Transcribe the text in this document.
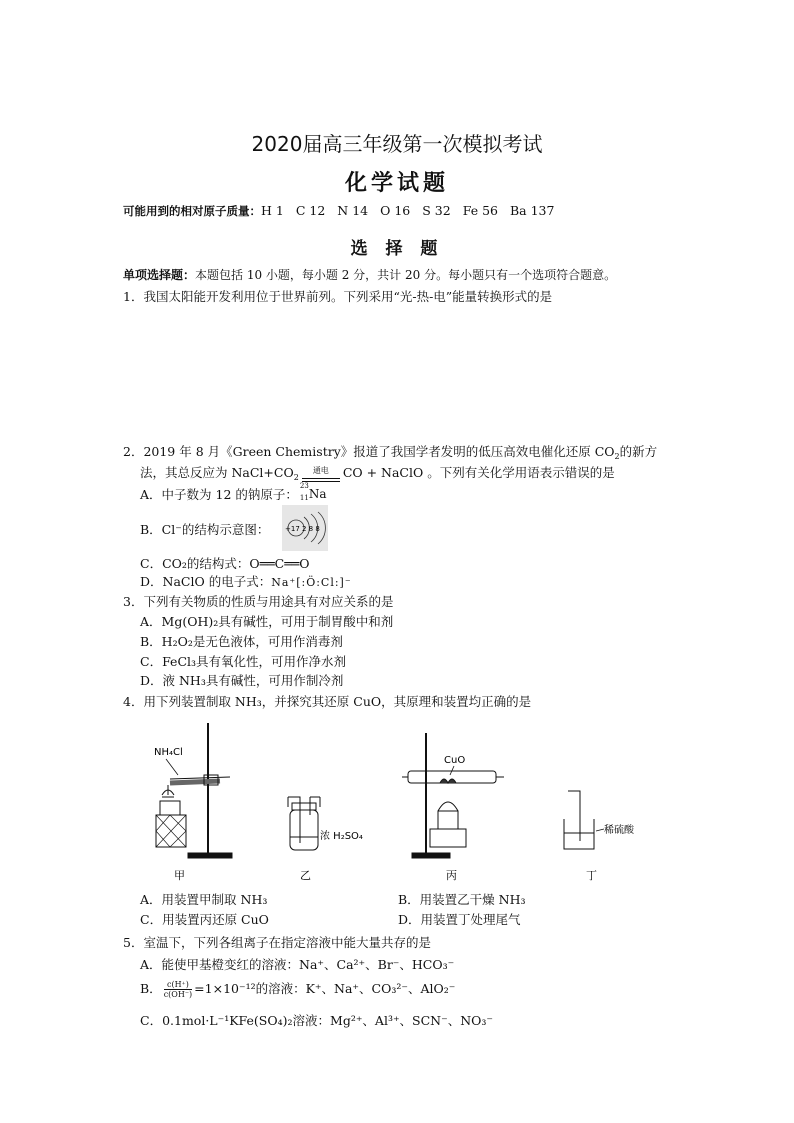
2020届高三年级第一次模拟考试
化学试题
可能用到的相对原子质量：H 1 C 12 N 14 O 16 S 32 Fe 56 Ba 137
选 择 题
单项选择题：本题包括 10 小题，每小题 2 分，共计 20 分。每小题只有一个选项符合题意。
1．我国太阳能开发利用位于世界前列。下列采用“光-热-电”能量转换形式的是
2．2019 年 8 月《Green Chemistry》报道了我国学者发明的低压高效电催化还原 $CO_2$的新方
法，其总反应为 $NaCl+CO_2$通电 CO + NaClO 。下列有关化学用语表示错误的是
A．中子数为 12 的钠原子：
23
11 Na
B．Cl⁻的结构示意图： +17 2 8 8
C．CO₂的结构式：O══C══O
D．NaClO 的电子式：Na⁺[:Ö:Cl:]⁻
3．下列有关物质的性质与用途具有对应关系的是
A．Mg(OH)₂具有碱性，可用于制胃酸中和剂
B．H₂O₂是无色液体，可用作消毒剂
C．FeCl₃具有氧化性，可用作净水剂
D．液 NH₃具有碱性，可用作制冷剂
4．用下列装置制取 NH₃，并探究其还原 CuO，其原理和装置均正确的是
NH₄Cl
浓 H₂SO₄
CuO
稀硫酸
甲	乙	丙	丁
A．用装置甲制取 NH₃	B．用装置乙干燥 NH₃
C．用装置丙还原 CuO	D．用装置丁处理尾气
5．室温下，下列各组离子在指定溶液中能大量共存的是
A．能使甲基橙变红的溶液：Na⁺、Ca²⁺、Br⁻、HCO₃⁻
B． $\frac{c(H^+)}{c(OH^-)} =1\times 10^{-12}$的溶液：K⁺、Na⁺、CO₃²⁻、AlO₂⁻
C．0.1mol·L⁻¹KFe(SO₄)₂溶液：Mg²⁺、Al³⁺、SCN⁻、NO₃⁻
